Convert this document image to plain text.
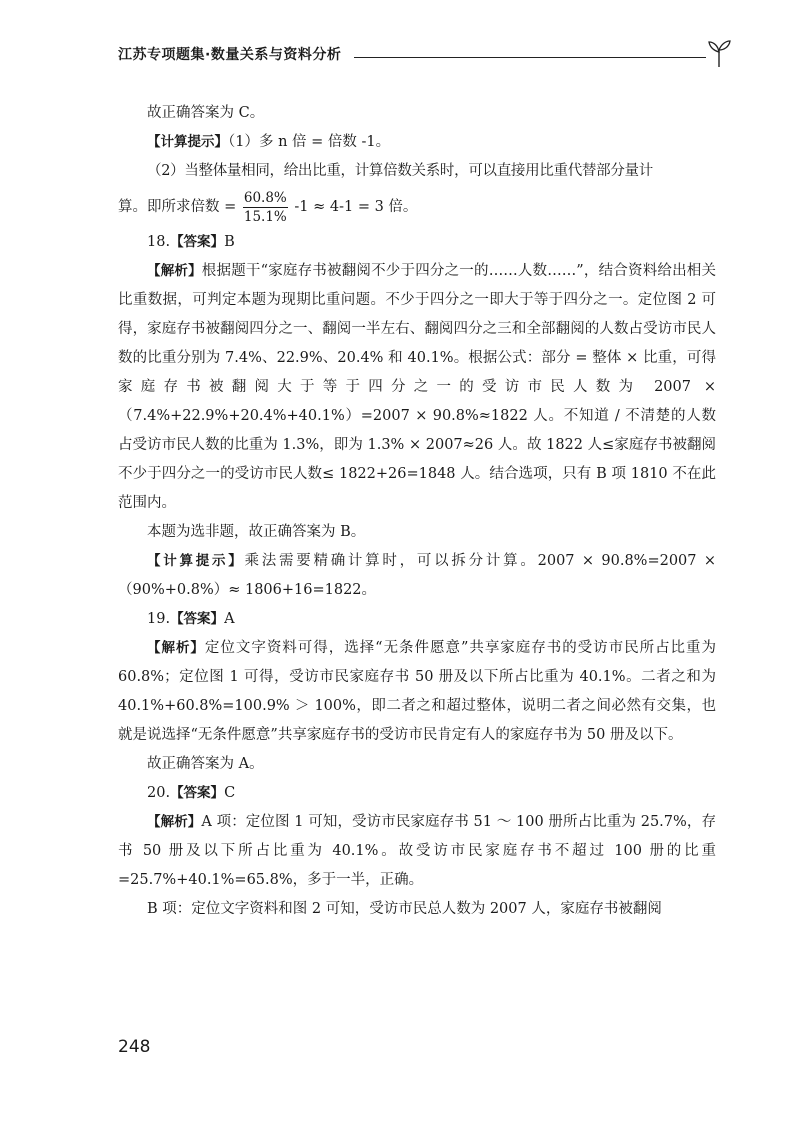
江苏专项题集·数量关系与资料分析

故正确答案为 C。

【计算提示】（1）多 n 倍 = 倍数 -1。

（2）当整体量相同，给出比重，计算倍数关系时，可以直接用比重代替部分量计

算。即所求倍数 = $\frac{60.8\%}{15.1\%} -1 \approx 4-1 = 3$ 倍。

18.【答案】B

【解析】根据题干“家庭存书被翻阅不少于四分之一的……人数……”，结合资料给出相关比重数据，可判定本题为现期比重问题。不少于四分之一即大于等于四分之一。定位图 2 可得，家庭存书被翻阅四分之一、翻阅一半左右、翻阅四分之三和全部翻阅的人数占受访市民人数的比重分别为 7.4%、22.9%、20.4% 和 40.1%。根据公式：部分 = 整体 × 比重，可得家庭存书被翻阅大于等于四分之一的受访市民人数为 2007 ×（7.4%+22.9%+20.4%+40.1%）=2007 × 90.8%≈1822 人。不知道 / 不清楚的人数占受访市民人数的比重为 1.3%，即为 1.3% × 2007≈26 人。故 1822 人≤家庭存书被翻阅不少于四分之一的受访市民人数≤ 1822+26=1848 人。结合选项，只有 B 项 1810 不在此范围内。

本题为选非题，故正确答案为 B。

【计算提示】乘法需要精确计算时，可以拆分计算。2007 × 90.8%=2007 ×（90%+0.8%）≈ 1806+16=1822。

19.【答案】A

【解析】定位文字资料可得，选择“无条件愿意”共享家庭存书的受访市民所占比重为 60.8%；定位图 1 可得，受访市民家庭存书 50 册及以下所占比重为 40.1%。二者之和为 40.1%+60.8%=100.9% ＞ 100%，即二者之和超过整体，说明二者之间必然有交集，也就是说选择“无条件愿意”共享家庭存书的受访市民肯定有人的家庭存书为 50 册及以下。

故正确答案为 A。

20.【答案】C

【解析】A 项：定位图 1 可知，受访市民家庭存书 51 ～ 100 册所占比重为 25.7%，存书 50 册及以下所占比重为 40.1%。故受访市民家庭存书不超过 100 册的比重 =25.7%+40.1%=65.8%，多于一半，正确。

B 项：定位文字资料和图 2 可知，受访市民总人数为 2007 人，家庭存书被翻阅

248
